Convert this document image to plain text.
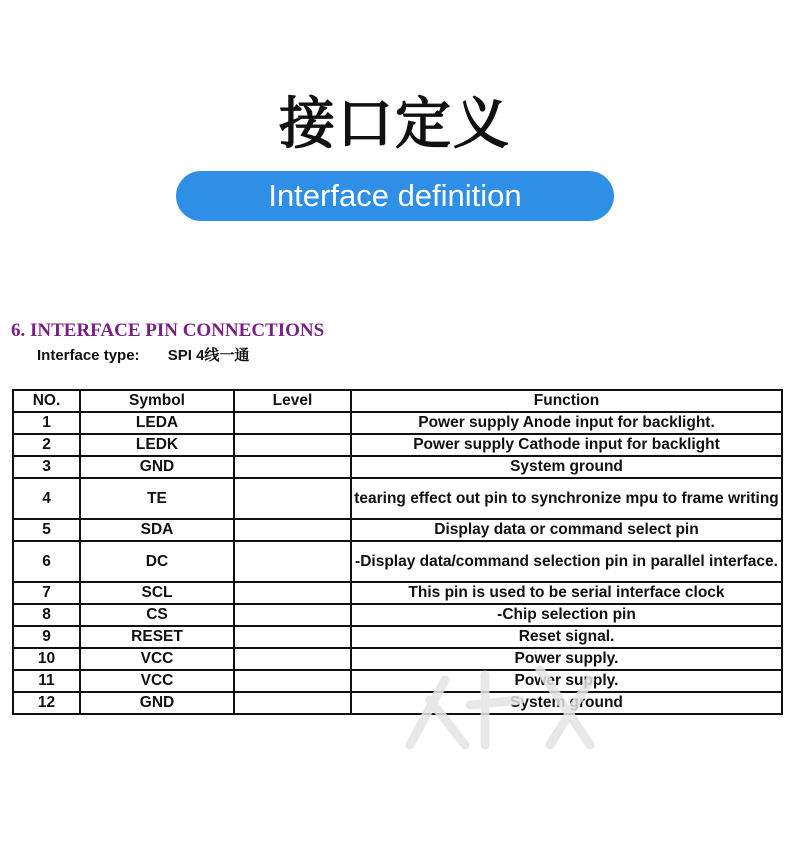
接口定义
Interface definition
6. INTERFACE PIN CONNECTIONS
Interface type: SPI 4线一通
NO.	Symbol	Level	Function
1	LEDA		Power supply Anode input for backlight.
2	LEDK		Power supply Cathode input for backlight
3	GND		System ground
4	TE		tearing effect out pin to synchronize mpu to frame writing
5	SDA		Display data or command select pin
6	DC		-Display data/command selection pin in parallel interface.
7	SCL		This pin is used to be serial interface clock
8	CS		-Chip selection pin
9	RESET		Reset signal.
10	VCC		Power supply.
11	VCC		Power supply.
12	GND		System ground
